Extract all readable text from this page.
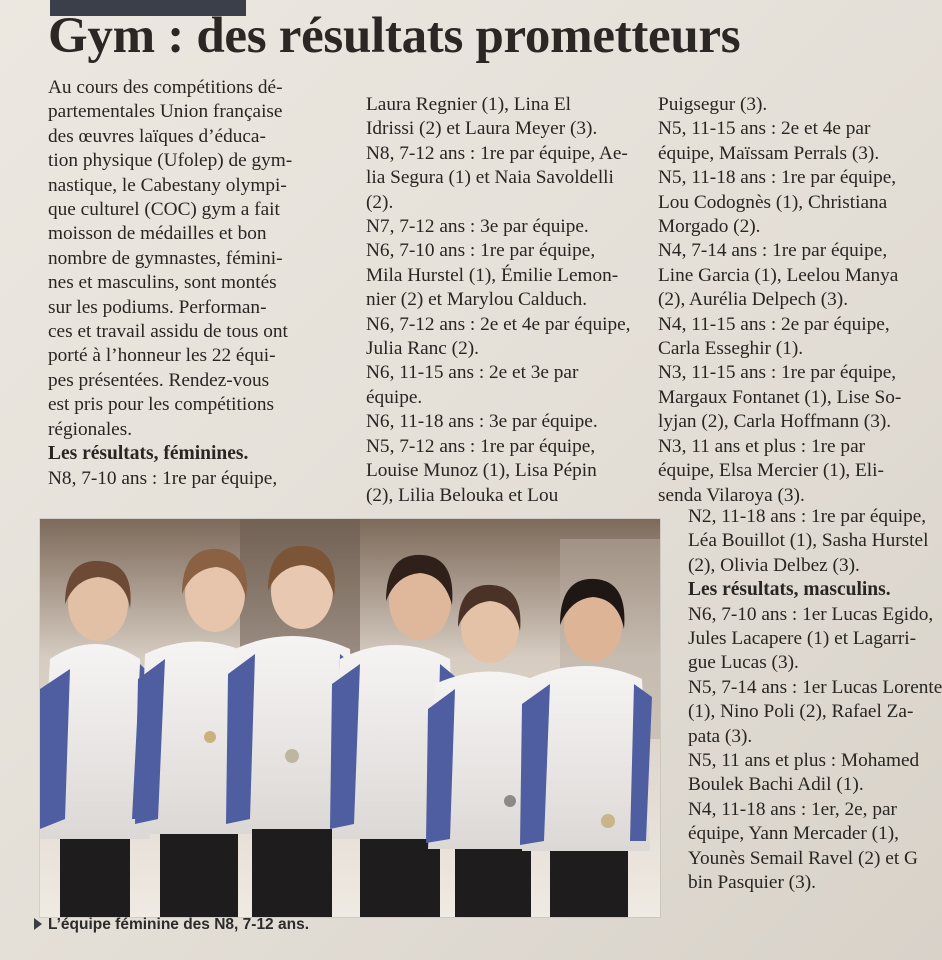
Gym : des résultats prometteurs

Au cours des compétitions dé-

partementales Union française

des œuvres laïques d’éduca-

tion physique (Ufolep) de gym-

nastique, le Cabestany olympi-

que culturel (COC) gym a fait

moisson de médailles et bon

nombre de gymnastes, fémini-

nes et masculins, sont montés

sur les podiums. Performan-

ces et travail assidu de tous ont

porté à l’honneur les 22 équi-

pes présentées. Rendez-vous

est pris pour les compétitions

régionales.

Les résultats, féminines.

N8, 7-10 ans : 1re par équipe,

Laura Regnier (1), Lina El

Idrissi (2) et Laura Meyer (3).

N8, 7-12 ans : 1re par équipe, Ae-

lia Segura (1) et Naia Savoldelli

(2).

N7, 7-12 ans : 3e par équipe.

N6, 7-10 ans : 1re par équipe,

Mila Hurstel (1), Émilie Lemon-

nier (2) et Marylou Calduch.

N6, 7-12 ans : 2e et 4e par équipe,

Julia Ranc (2).

N6, 11-15 ans : 2e et 3e par

équipe.

N6, 11-18 ans : 3e par équipe.

N5, 7-12 ans : 1re par équipe,

Louise Munoz (1), Lisa Pépin

(2), Lilia Belouka et Lou

Puigsegur (3).

N5, 11-15 ans : 2e et 4e par

équipe, Maïssam Perrals (3).

N5, 11-18 ans : 1re par équipe,

Lou Codognès (1), Christiana

Morgado (2).

N4, 7-14 ans : 1re par équipe,

Line Garcia (1), Leelou Manya

(2), Aurélia Delpech (3).

N4, 11-15 ans : 2e par équipe,

Carla Esseghir (1).

N3, 11-15 ans : 1re par équipe,

Margaux Fontanet (1), Lise So-

lyjan (2), Carla Hoffmann (3).

N3, 11 ans et plus : 1re par

équipe, Elsa Mercier (1), Eli-

senda Vilaroya (3).

N2, 11-18 ans : 1re par équipe,

Léa Bouillot (1), Sasha Hurstel

(2), Olivia Delbez (3).

Les résultats, masculins.

N6, 7-10 ans : 1er Lucas Egido,

Jules Lacapere (1) et Lagarri-

gue Lucas (3).

N5, 7-14 ans : 1er Lucas Lorente

(1), Nino Poli (2), Rafael Za-

pata (3).

N5, 11 ans et plus : Mohamed

Boulek Bachi Adil (1).

N4, 11-18 ans : 1er, 2e, par

équipe, Yann Mercader (1),

Younès Semail Ravel (2) et G

bin Pasquier (3).

L’équipe féminine des N8, 7-12 ans.
